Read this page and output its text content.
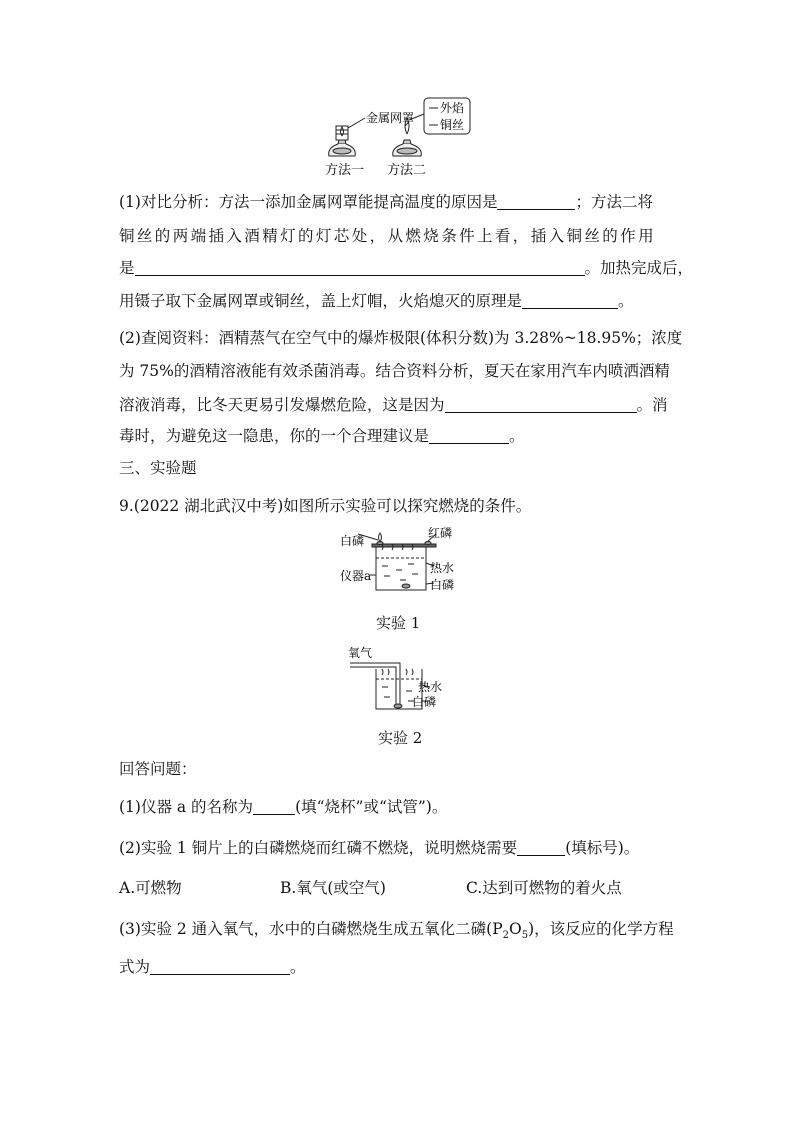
金属网罩
外焰
铜丝
方法一 方法二

(1)对比分析：方法一添加金属网罩能提高温度的原因是	；方法二将

铜丝的两端插入酒精灯的灯芯处，从燃烧条件上看，插入铜丝的作用

是	。加热完成后，

用镊子取下金属网罩或铜丝，盖上灯帽，火焰熄灭的原理是	。

(2)查阅资料：酒精蒸气在空气中的爆炸极限(体积分数)为 3.28%~18.95%；浓度

为 75%的酒精溶液能有效杀菌消毒。结合资料分析，夏天在家用汽车内喷洒酒精

溶液消毒，比冬天更易引发爆燃危险，这是因为	。消

毒时，为避免这一隐患，你的一个合理建议是	。

三、实验题

9.(2022 湖北武汉中考)如图所示实验可以探究燃烧的条件。

白磷
红磷
热水
白磷
仪器a
实验 1
氧气
热水
白磷
实验 2

回答问题：

(1)仪器 a 的名称为	(填“烧杯”或“试管”)。

(2)实验 1 铜片上的白磷燃烧而红磷不燃烧，说明燃烧需要	(填标号)。

A.可燃物	B.氧气(或空气)	C.达到可燃物的着火点

(3)实验 2 通入氧气，水中的白磷燃烧生成五氧化二磷$(P_2O_5)$，该反应的化学方程

式为	。
